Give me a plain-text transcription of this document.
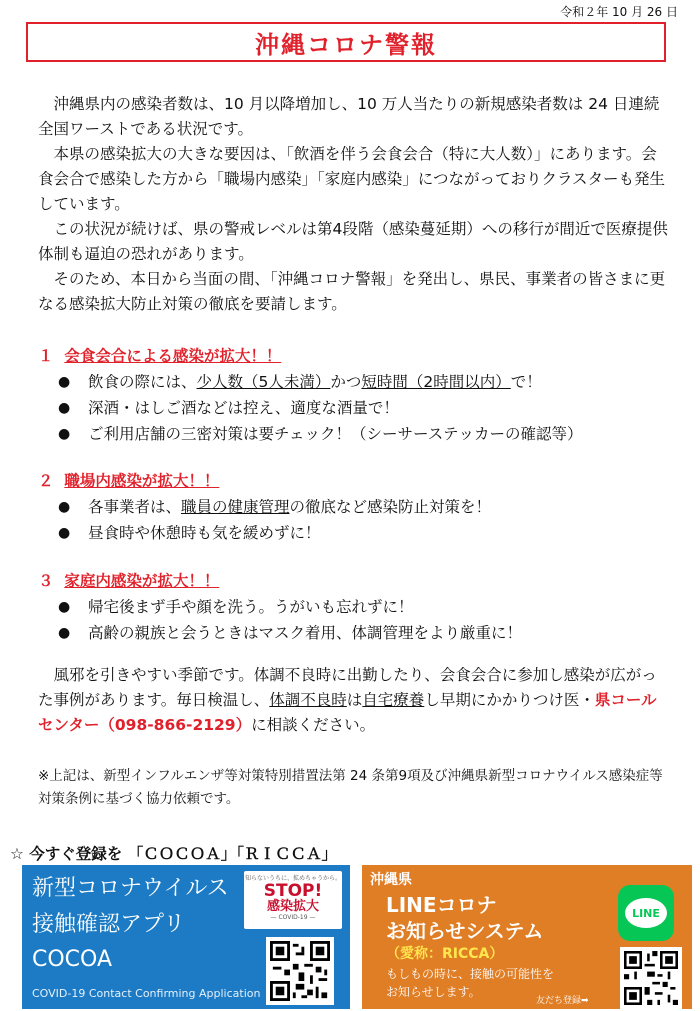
令和２年 10 月 26 日
沖縄コロナ警報

沖縄県内の感染者数は、10 月以降増加し、10 万人当たりの新規感染者数は 24 日連続全国ワーストである状況です。

本県の感染拡大の大きな要因は、「飲酒を伴う会食会合（特に大人数）」にあります。会食会合で感染した方から「職場内感染」「家庭内感染」につながっておりクラスターも発生しています。

この状況が続けば、県の警戒レベルは第4段階（感染蔓延期）への移行が間近で医療提供体制も逼迫の恐れがあります。

そのため、本日から当面の間、「沖縄コロナ警報」を発出し、県民、事業者の皆さまに更なる感染拡大防止対策の徹底を要請します。

１ 会食会合による感染が拡大！！
● 飲食の際には、少人数（5人未満）かつ短時間（2時間以内）で！
● 深酒・はしご酒などは控え、適度な酒量で！
● ご利用店舗の三密対策は要チェック！（シーサーステッカーの確認等）
２ 職場内感染が拡大！！
● 各事業者は、職員の健康管理の徹底など感染防止対策を！
● 昼食時や休憩時も気を緩めずに！
３ 家庭内感染が拡大！！
● 帰宅後まず手や顔を洗う。うがいも忘れずに！
● 高齢の親族と会うときはマスク着用、体調管理をより厳重に！

風邪を引きやすい季節です。体調不良時に出勤したり、会食会合に参加し感染が広がった事例があります。毎日検温し、体調不良時は自宅療養し早期にかかりつけ医・県コールセンター（098-866-2129）に相談ください。

※上記は、新型インフルエンザ等対策特別措置法第 24 条第9項及び沖縄県新型コロナウイルス感染症等対策条例に基づく協力依頼です。
☆ 今すぐ登録を 「ＣＯＣＯＡ」「ＲＩＣＣＡ」
新型コロナウイルス
接触確認アプリ
COCOA
COVID-19 Contact Confirming Application
知らないうちに、拡めちゃうから。
STOP!
感染拡大
— COVID-19 —
沖縄県
LINEコロナ
お知らせシステム
（愛称：RICCA）
もしもの時に、接触の可能性を
お知らせします。
友だち登録➡
LINE
